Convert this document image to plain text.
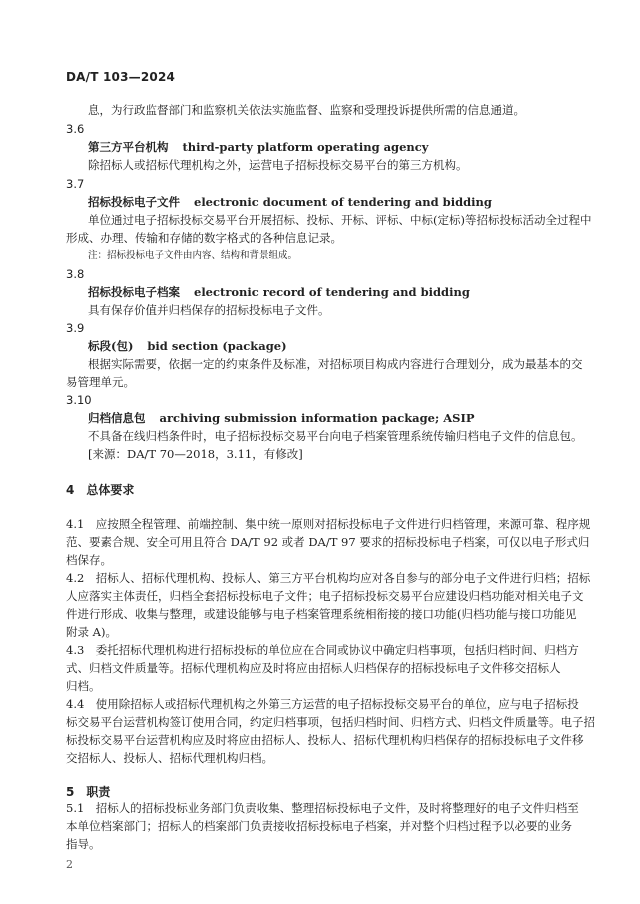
DA/T 103—2024
息，为行政监督部门和监察机关依法实施监督、监察和受理投诉提供所需的信息通道。
3.6
第三方平台机构 third-party platform operating agency
除招标人或招标代理机构之外，运营电子招标投标交易平台的第三方机构。
3.7
招标投标电子文件 electronic document of tendering and bidding
单位通过电子招标投标交易平台开展招标、投标、开标、评标、中标(定标)等招标投标活动全过程中
形成、办理、传输和存储的数字格式的各种信息记录。
注：招标投标电子文件由内容、结构和背景组成。
3.8
招标投标电子档案 electronic record of tendering and bidding
具有保存价值并归档保存的招标投标电子文件。
3.9
标段(包) bid section (package)
根据实际需要，依据一定的约束条件及标准，对招标项目构成内容进行合理划分，成为最基本的交
易管理单元。
3.10
归档信息包 archiving submission information package; ASIP
不具备在线归档条件时，电子招标投标交易平台向电子档案管理系统传输归档电子文件的信息包。
[来源：DA/T 70—2018，3.11，有修改]
4　总体要求
4.1　应按照全程管理、前端控制、集中统一原则对招标投标电子文件进行归档管理，来源可靠、程序规
范、要素合规、安全可用且符合 DA/T 92 或者 DA/T 97 要求的招标投标电子档案，可仅以电子形式归
档保存。
4.2　招标人、招标代理机构、投标人、第三方平台机构均应对各自参与的部分电子文件进行归档；招标
人应落实主体责任，归档全套招标投标电子文件；电子招标投标交易平台应建设归档功能对相关电子文
件进行形成、收集与整理，或建设能够与电子档案管理系统相衔接的接口功能(归档功能与接口功能见
附录 A)。
4.3　委托招标代理机构进行招标投标的单位应在合同或协议中确定归档事项，包括归档时间、归档方
式、归档文件质量等。招标代理机构应及时将应由招标人归档保存的招标投标电子文件移交招标人
归档。
4.4　使用除招标人或招标代理机构之外第三方运营的电子招标投标交易平台的单位，应与电子招标投
标交易平台运营机构签订使用合同，约定归档事项，包括归档时间、归档方式、归档文件质量等。电子招
标投标交易平台运营机构应及时将应由招标人、投标人、招标代理机构归档保存的招标投标电子文件移
交招标人、投标人、招标代理机构归档。
5　职责
5.1　招标人的招标投标业务部门负责收集、整理招标投标电子文件，及时将整理好的电子文件归档至
本单位档案部门；招标人的档案部门负责接收招标投标电子档案，并对整个归档过程予以必要的业务
指导。
2
